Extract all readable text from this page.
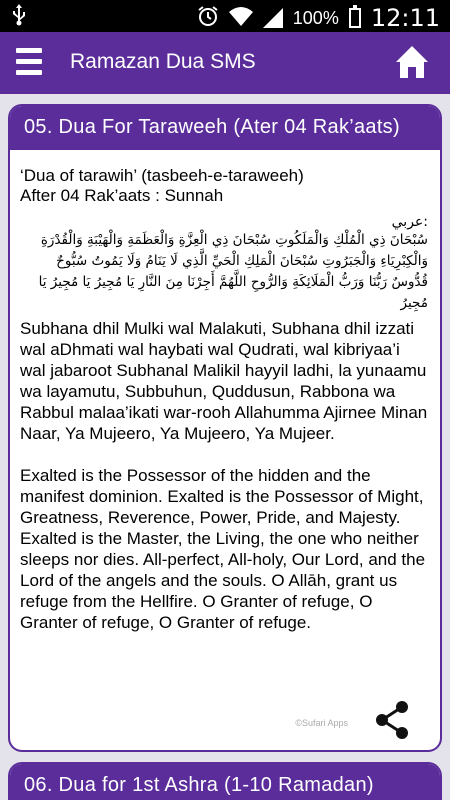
100% 12:11
Ramazan Dua SMS
05. Dua For Taraweeh (Ater 04 Rak’aats)
‘Dua of tarawih’ (tasbeeh-e-taraweeh)
After 04 Rak’aats : Sunnah
عربي:
سُبْحَانَ ذِي الْمُلْكِ وَالْمَلَكُوتِ سُبْحَانَ ذِي الْعِزَّةِ وَالْعَظَمَةِ وَالْهَيْبَةِ وَالْقُدْرَةِ وَالْكِبْرِيَاءِ وَالْجَبَرُوتِ سُبْحَانَ الْمَلِكِ الْحَيِّ الَّذِي لَا يَنَامُ وَلَا يَمُوتُ سُبُّوحٌ قُدُّوسٌ رَبُّنَا وَرَبُّ الْمَلَائِكَةِ وَالرُّوحِ اللَّهُمَّ أَجِرْنَا مِنَ النَّارِ يَا مُجِيرُ يَا مُجِيرُ يَا مُجِيرُ
Subhana dhil Mulki wal Malakuti, Subhana dhil izzati wal aDhmati wal haybati wal Qudrati, wal kibriyaa’i wal jabaroot Subhanal Malikil hayyil ladhi, la yunaamu wa layamutu, Subbuhun, Quddusun, Rabbona wa Rabbul malaa’ikati war-rooh Allahumma Ajirnee Minan Naar, Ya Mujeero, Ya Mujeero, Ya Mujeer.
Exalted is the Possessor of the hidden and the manifest dominion. Exalted is the Possessor of Might, Greatness, Reverence, Power, Pride, and Majesty. Exalted is the Master, the Living, the one who neither sleeps nor dies. All-perfect, All-holy, Our Lord, and the Lord of the angels and the souls. O Allāh, grant us refuge from the Hellfire. O Granter of refuge, O Granter of refuge, O Granter of refuge.
©Sufari Apps
06. Dua for 1st Ashra (1-10 Ramadan)
